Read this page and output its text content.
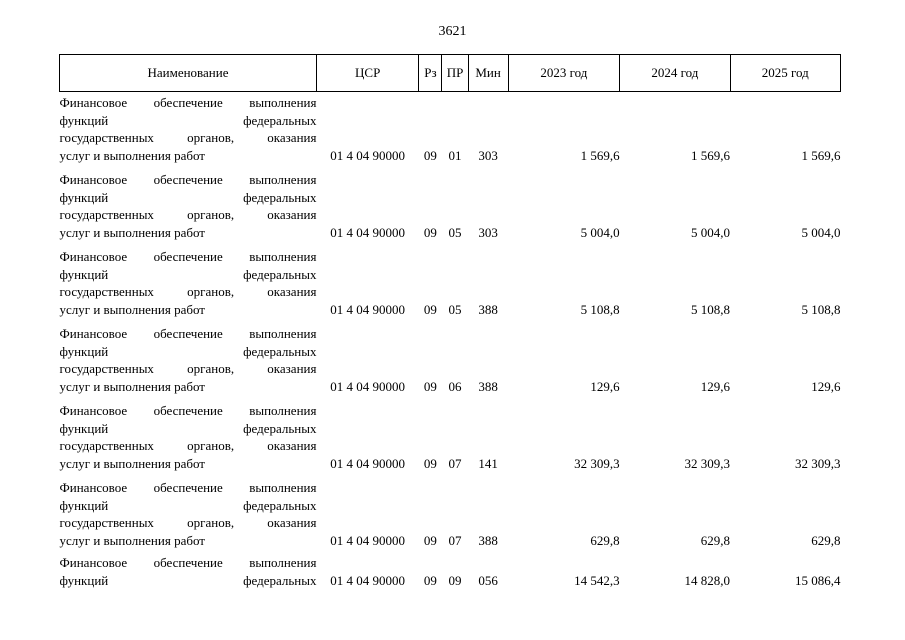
3621
Наименование	ЦСР	Рз	ПР	Мин	2023 год	2024 год	2025 год

Финансовое обеспечение выполнения
функций федеральных
государственных органов, оказания
услуг и выполнения работ	01 4 04 90000	09	01	303	1 569,6	1 569,6	1 569,6

Финансовое обеспечение выполнения
функций федеральных
государственных органов, оказания
услуг и выполнения работ	01 4 04 90000	09	05	303	5 004,0	5 004,0	5 004,0

Финансовое обеспечение выполнения
функций федеральных
государственных органов, оказания
услуг и выполнения работ	01 4 04 90000	09	05	388	5 108,8	5 108,8	5 108,8

Финансовое обеспечение выполнения
функций федеральных
государственных органов, оказания
услуг и выполнения работ	01 4 04 90000	09	06	388	129,6	129,6	129,6

Финансовое обеспечение выполнения
функций федеральных
государственных органов, оказания
услуг и выполнения работ	01 4 04 90000	09	07	141	32 309,3	32 309,3	32 309,3

Финансовое обеспечение выполнения
функций федеральных
государственных органов, оказания
услуг и выполнения работ	01 4 04 90000	09	07	388	629,8	629,8	629,8

Финансовое обеспечение выполнения
функций федеральных	01 4 04 90000	09	09	056	14 542,3	14 828,0	15 086,4
